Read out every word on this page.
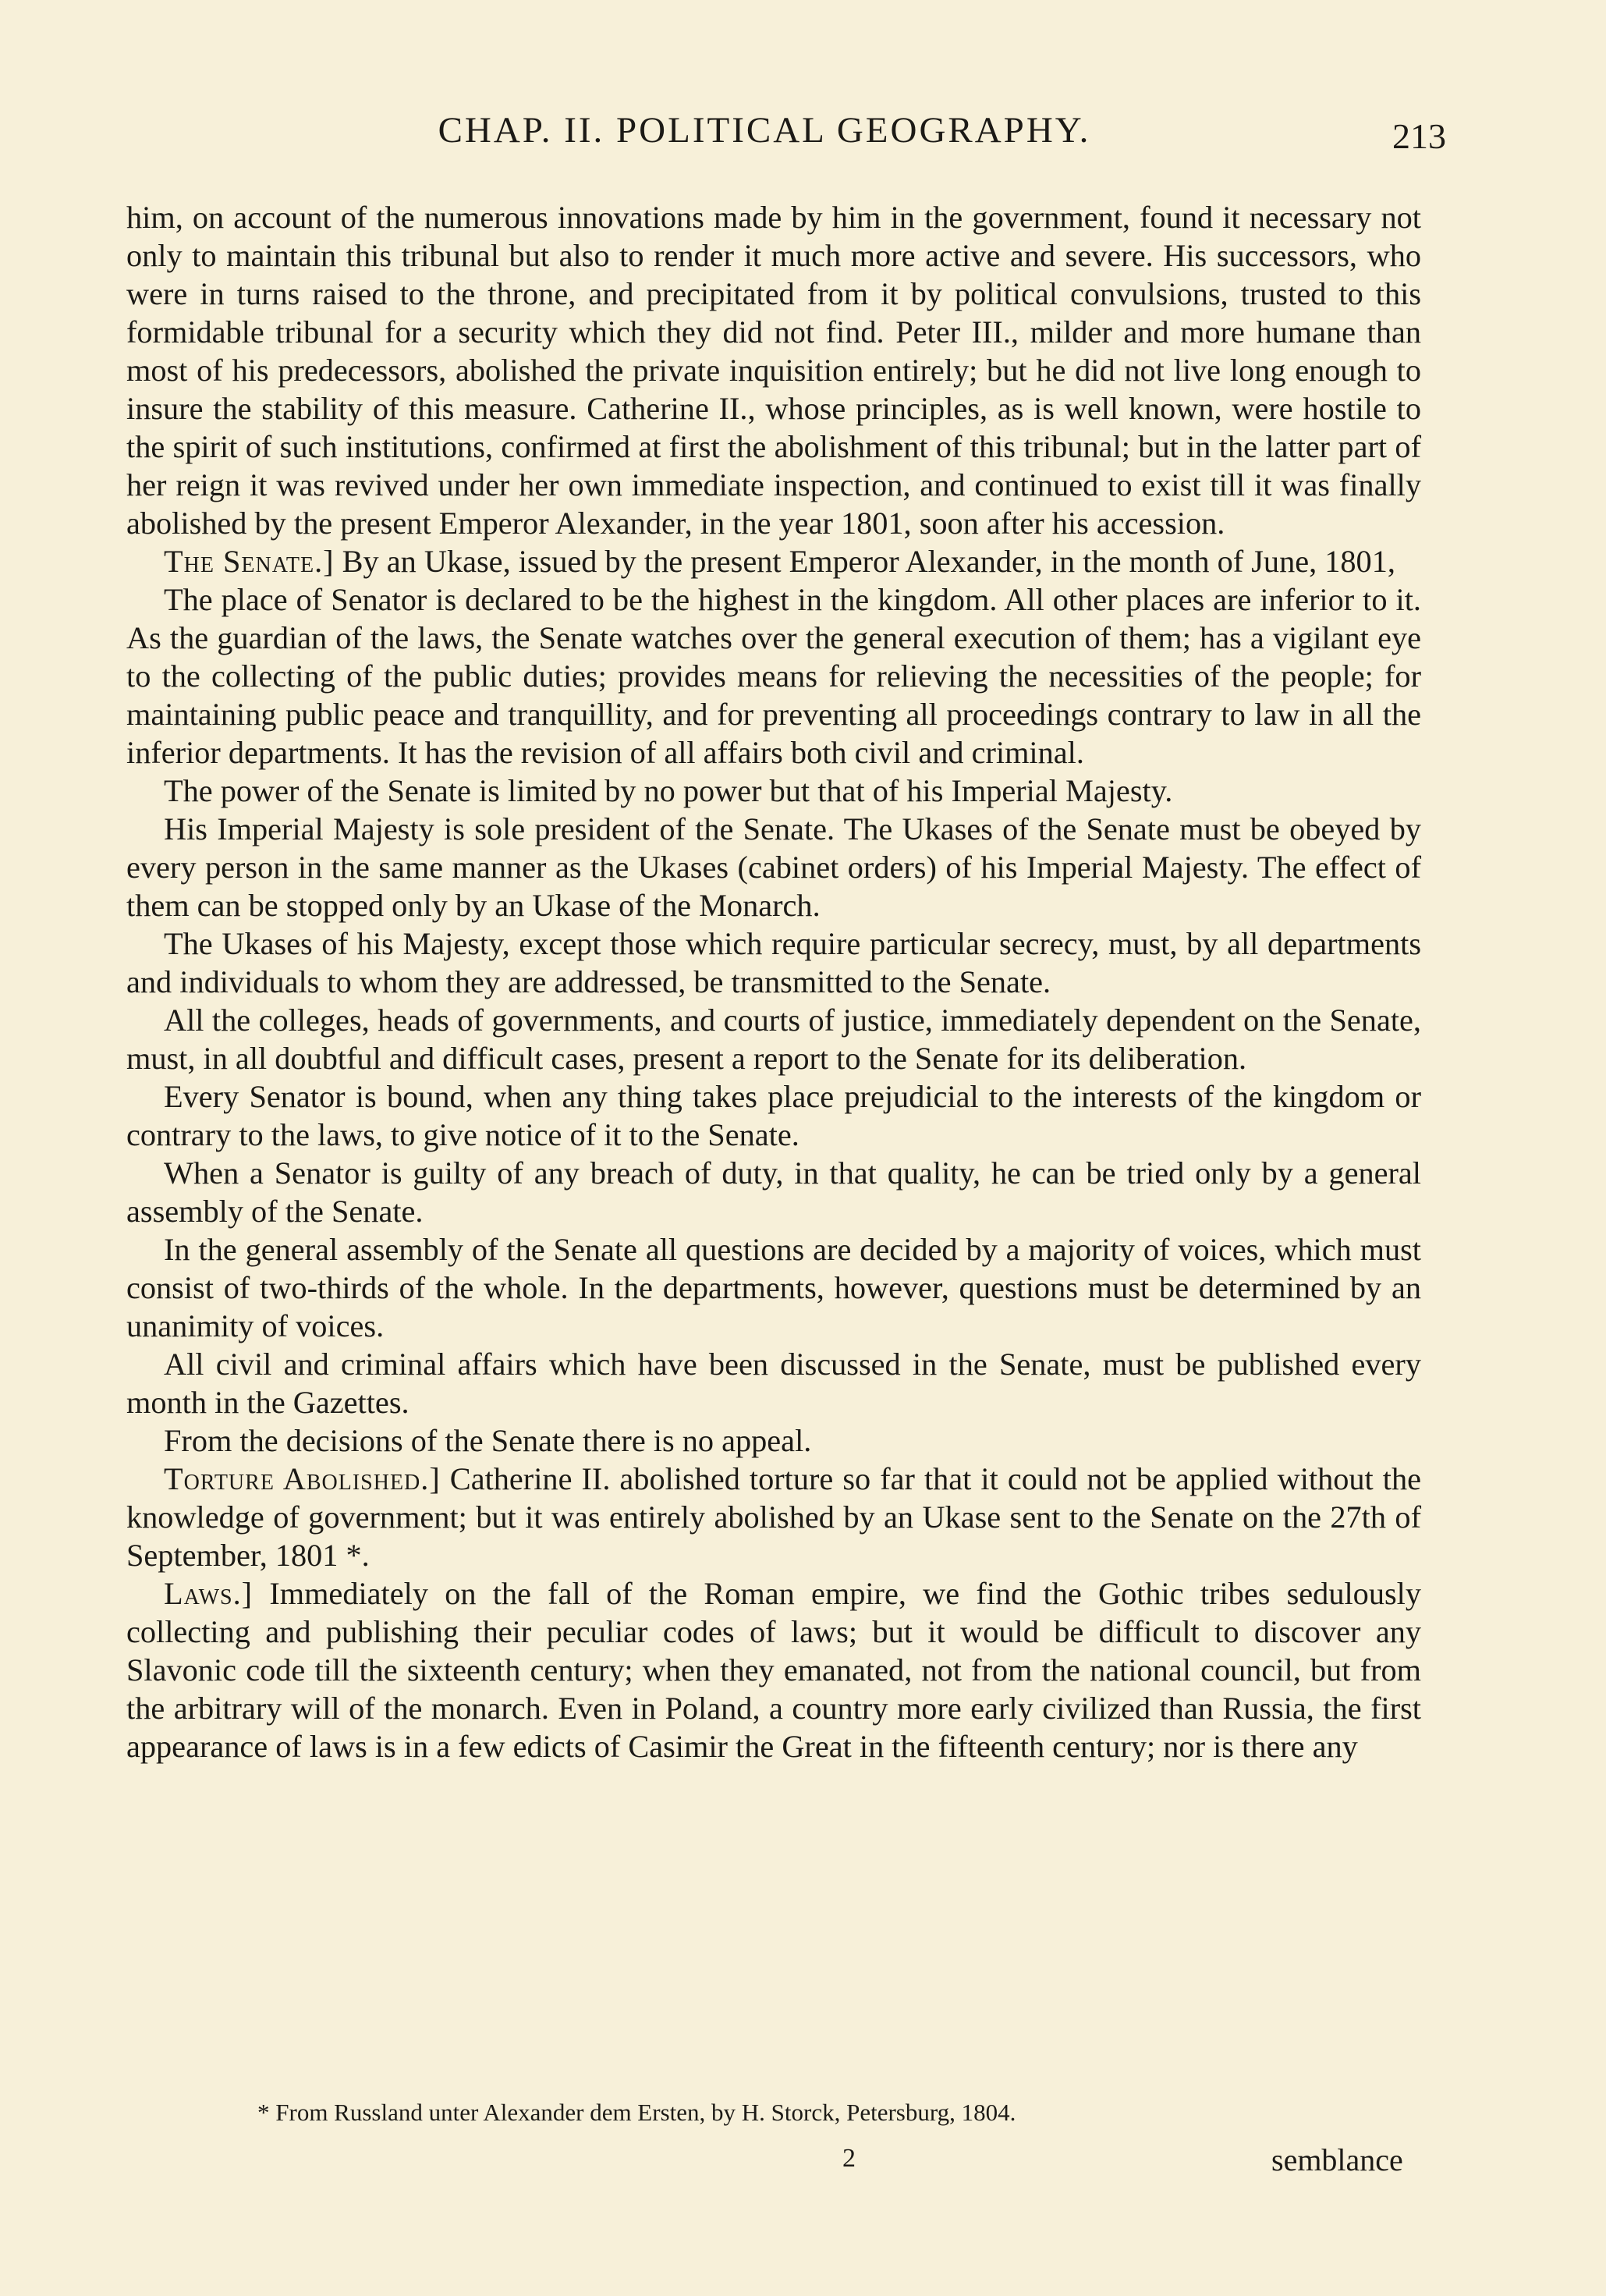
CHAP. II. POLITICAL GEOGRAPHY.	213

him, on account of the numerous innovations made by him in the government, found it necessary not only to maintain this tribunal but also to render it much more active and severe. His successors, who were in turns raised to the throne, and precipitated from it by political convulsions, trusted to this formidable tribunal for a security which they did not find. Peter III., milder and more humane than most of his predecessors, abolished the private inquisition entirely; but he did not live long enough to insure the stability of this measure. Catherine II., whose principles, as is well known, were hostile to the spirit of such institutions, confirmed at first the abolishment of this tribunal; but in the latter part of her reign it was revived under her own immediate inspection, and continued to exist till it was finally abolished by the present Emperor Alexander, in the year 1801, soon after his accession.

The Senate.] By an Ukase, issued by the present Emperor Alexander, in the month of June, 1801,

The place of Senator is declared to be the highest in the kingdom. All other places are inferior to it. As the guardian of the laws, the Senate watches over the general execution of them; has a vigilant eye to the collecting of the public duties; provides means for relieving the necessities of the people; for maintaining public peace and tranquillity, and for preventing all proceedings contrary to law in all the inferior departments. It has the revision of all affairs both civil and criminal.

The power of the Senate is limited by no power but that of his Imperial Majesty.

His Imperial Majesty is sole president of the Senate. The Ukases of the Senate must be obeyed by every person in the same manner as the Ukases (cabinet orders) of his Imperial Majesty. The effect of them can be stopped only by an Ukase of the Monarch.

The Ukases of his Majesty, except those which require particular secrecy, must, by all departments and individuals to whom they are addressed, be transmitted to the Senate.

All the colleges, heads of governments, and courts of justice, immediately dependent on the Senate, must, in all doubtful and difficult cases, present a report to the Senate for its deliberation.

Every Senator is bound, when any thing takes place prejudicial to the interests of the kingdom or contrary to the laws, to give notice of it to the Senate.

When a Senator is guilty of any breach of duty, in that quality, he can be tried only by a general assembly of the Senate.

In the general assembly of the Senate all questions are decided by a majority of voices, which must consist of two-thirds of the whole. In the departments, however, questions must be determined by an unanimity of voices.

All civil and criminal affairs which have been discussed in the Senate, must be published every month in the Gazettes.

From the decisions of the Senate there is no appeal.

Torture Abolished.] Catherine II. abolished torture so far that it could not be applied without the knowledge of government; but it was entirely abolished by an Ukase sent to the Senate on the 27th of September, 1801 *.

Laws.] Immediately on the fall of the Roman empire, we find the Gothic tribes sedulously collecting and publishing their peculiar codes of laws; but it would be difficult to discover any Slavonic code till the sixteenth century; when they emanated, not from the national council, but from the arbitrary will of the monarch. Even in Poland, a country more early civilized than Russia, the first appearance of laws is in a few edicts of Casimir the Great in the fifteenth century; nor is there any

* From Russland unter Alexander dem Ersten, by H. Storck, Petersburg, 1804.
2	semblance
